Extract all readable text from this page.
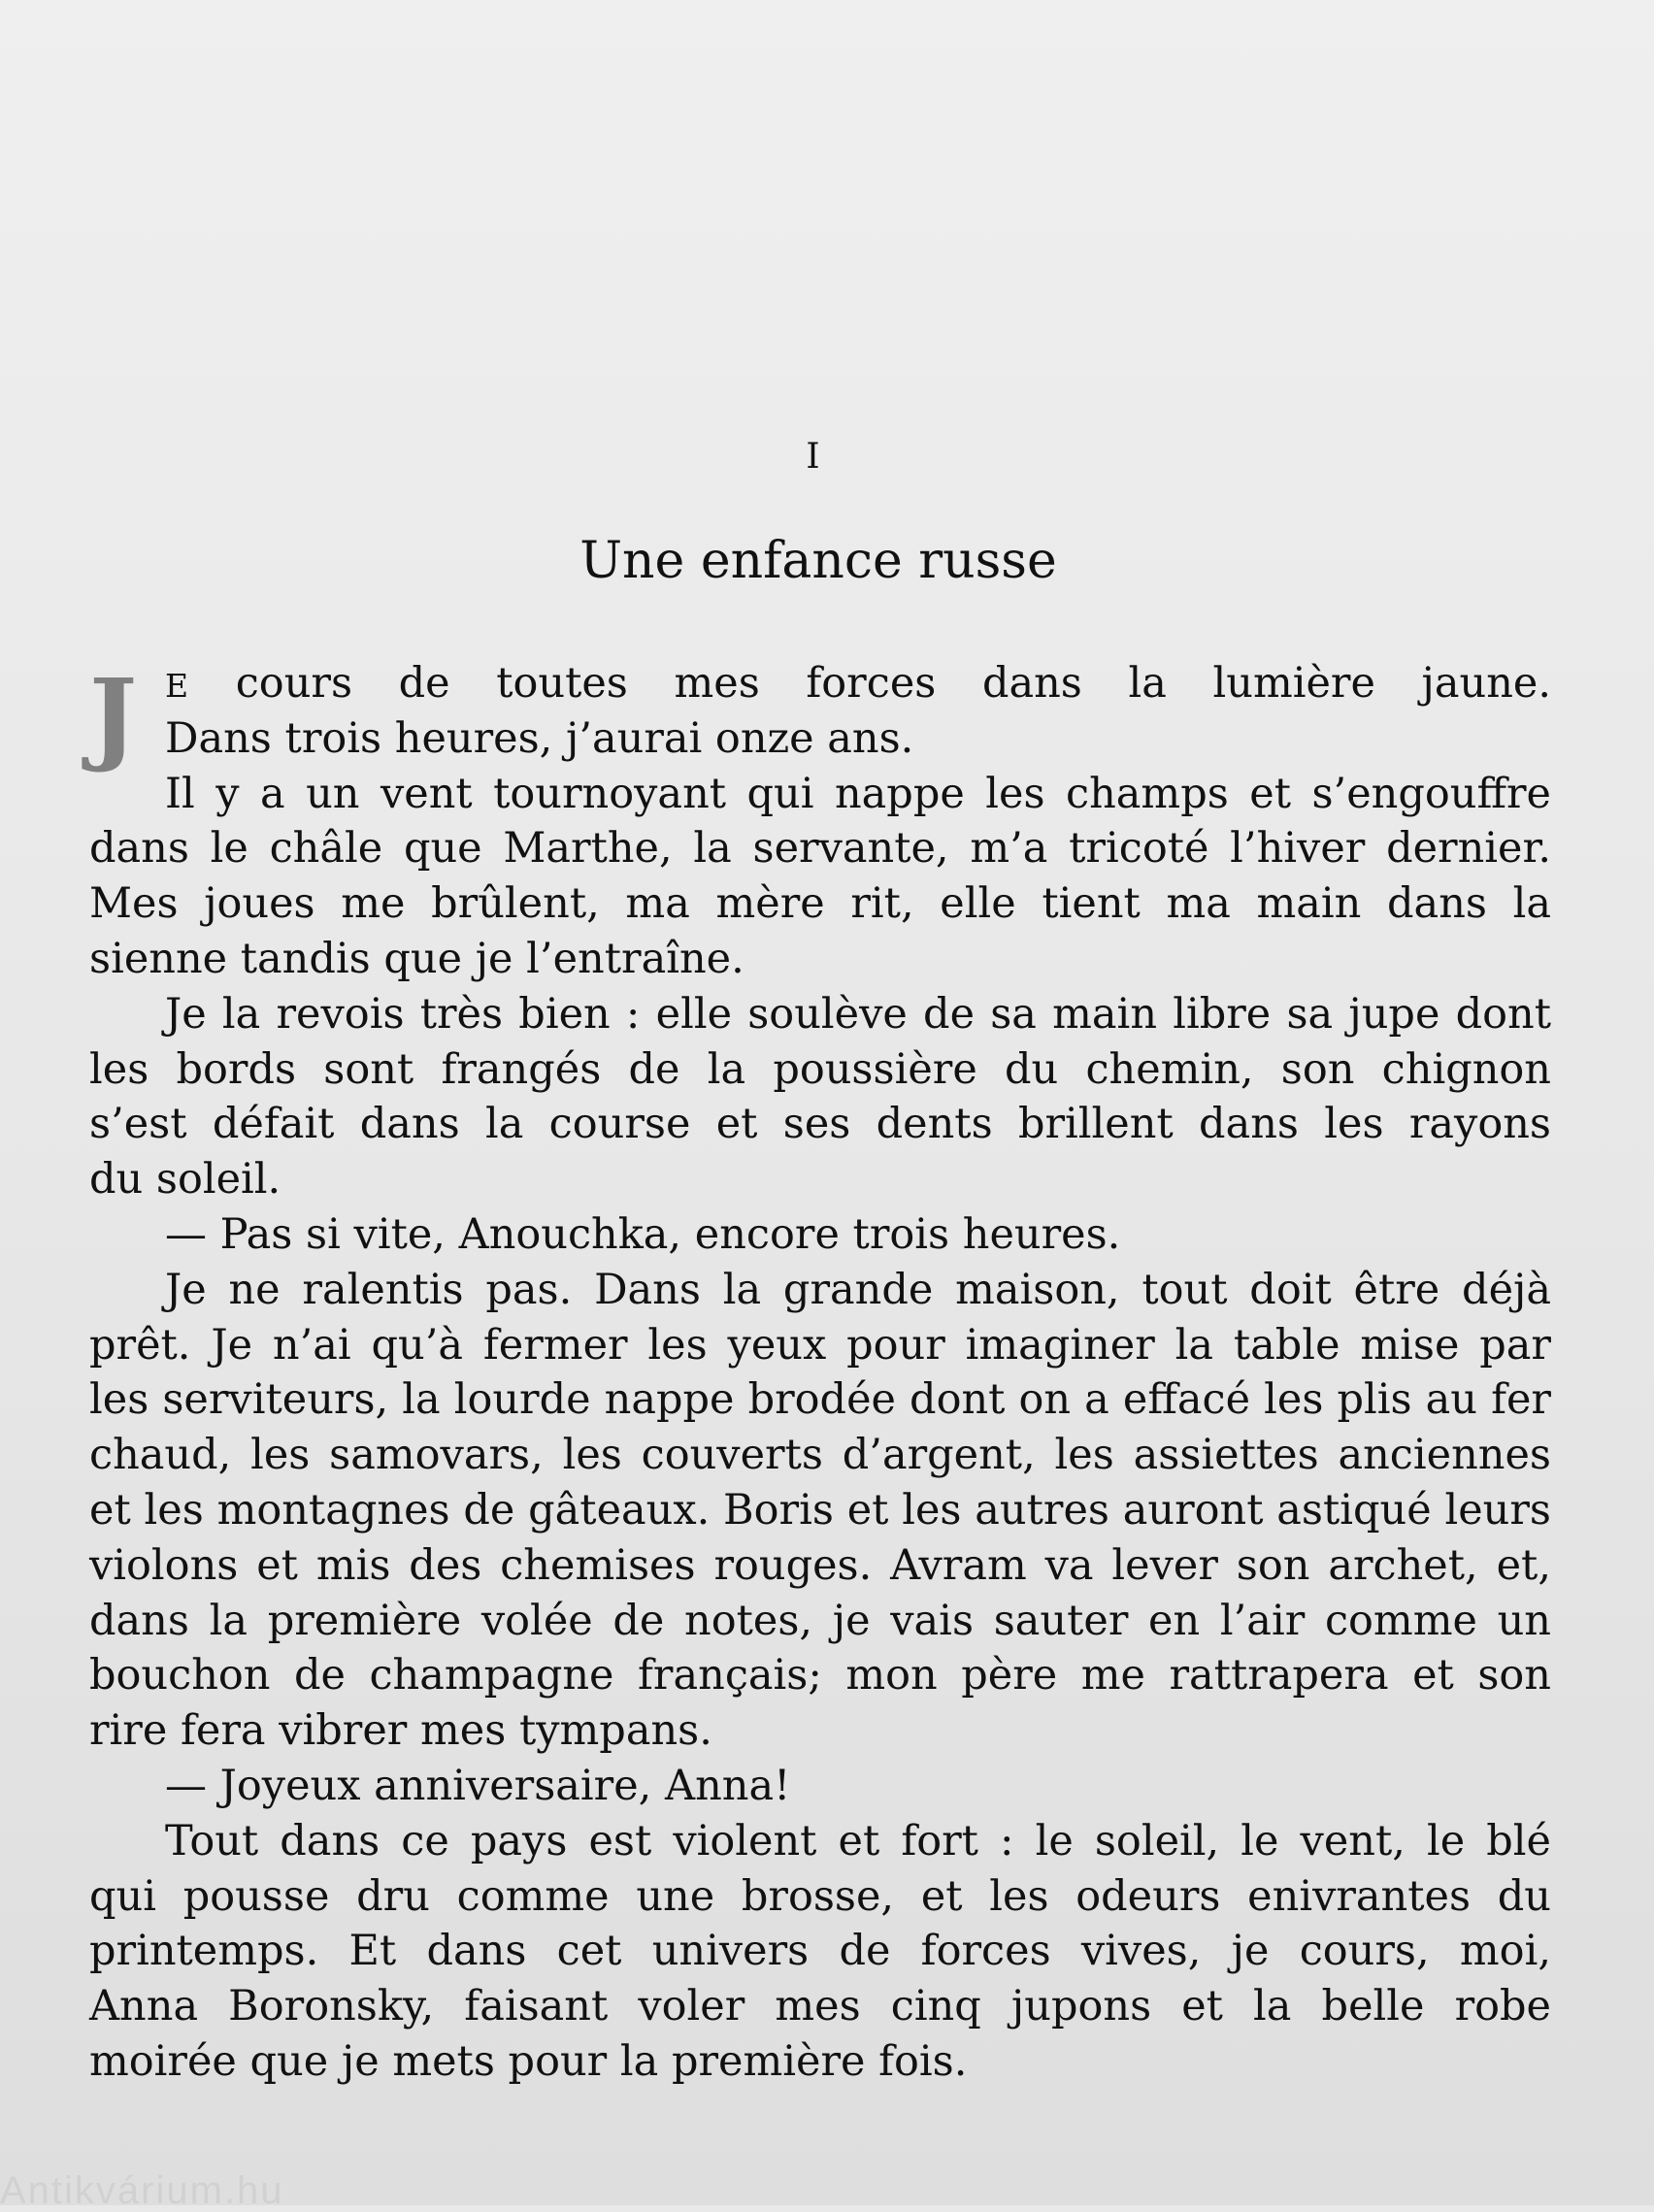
I
Une enfance russe
J E cours de toutes mes forces dans la lumière jaune.
Dans trois heures, j’aurai onze ans.
Il y a un vent tournoyant qui nappe les champs et s’engouffre
dans le châle que Marthe, la servante, m’a tricoté l’hiver dernier.
Mes joues me brûlent, ma mère rit, elle tient ma main dans la
sienne tandis que je l’entraîne.
Je la revois très bien : elle soulève de sa main libre sa jupe dont
les bords sont frangés de la poussière du chemin, son chignon
s’est défait dans la course et ses dents brillent dans les rayons
du soleil.
— Pas si vite, Anouchka, encore trois heures.
Je ne ralentis pas. Dans la grande maison, tout doit être déjà
prêt. Je n’ai qu’à fermer les yeux pour imaginer la table mise par
les serviteurs, la lourde nappe brodée dont on a effacé les plis au fer
chaud, les samovars, les couverts d’argent, les assiettes anciennes
et les montagnes de gâteaux. Boris et les autres auront astiqué leurs
violons et mis des chemises rouges. Avram va lever son archet, et,
dans la première volée de notes, je vais sauter en l’air comme un
bouchon de champagne français; mon père me rattrapera et son
rire fera vibrer mes tympans.
— Joyeux anniversaire, Anna!
Tout dans ce pays est violent et fort : le soleil, le vent, le blé
qui pousse dru comme une brosse, et les odeurs enivrantes du
printemps. Et dans cet univers de forces vives, je cours, moi,
Anna Boronsky, faisant voler mes cinq jupons et la belle robe
moirée que je mets pour la première fois.
Antikvárium.hu
